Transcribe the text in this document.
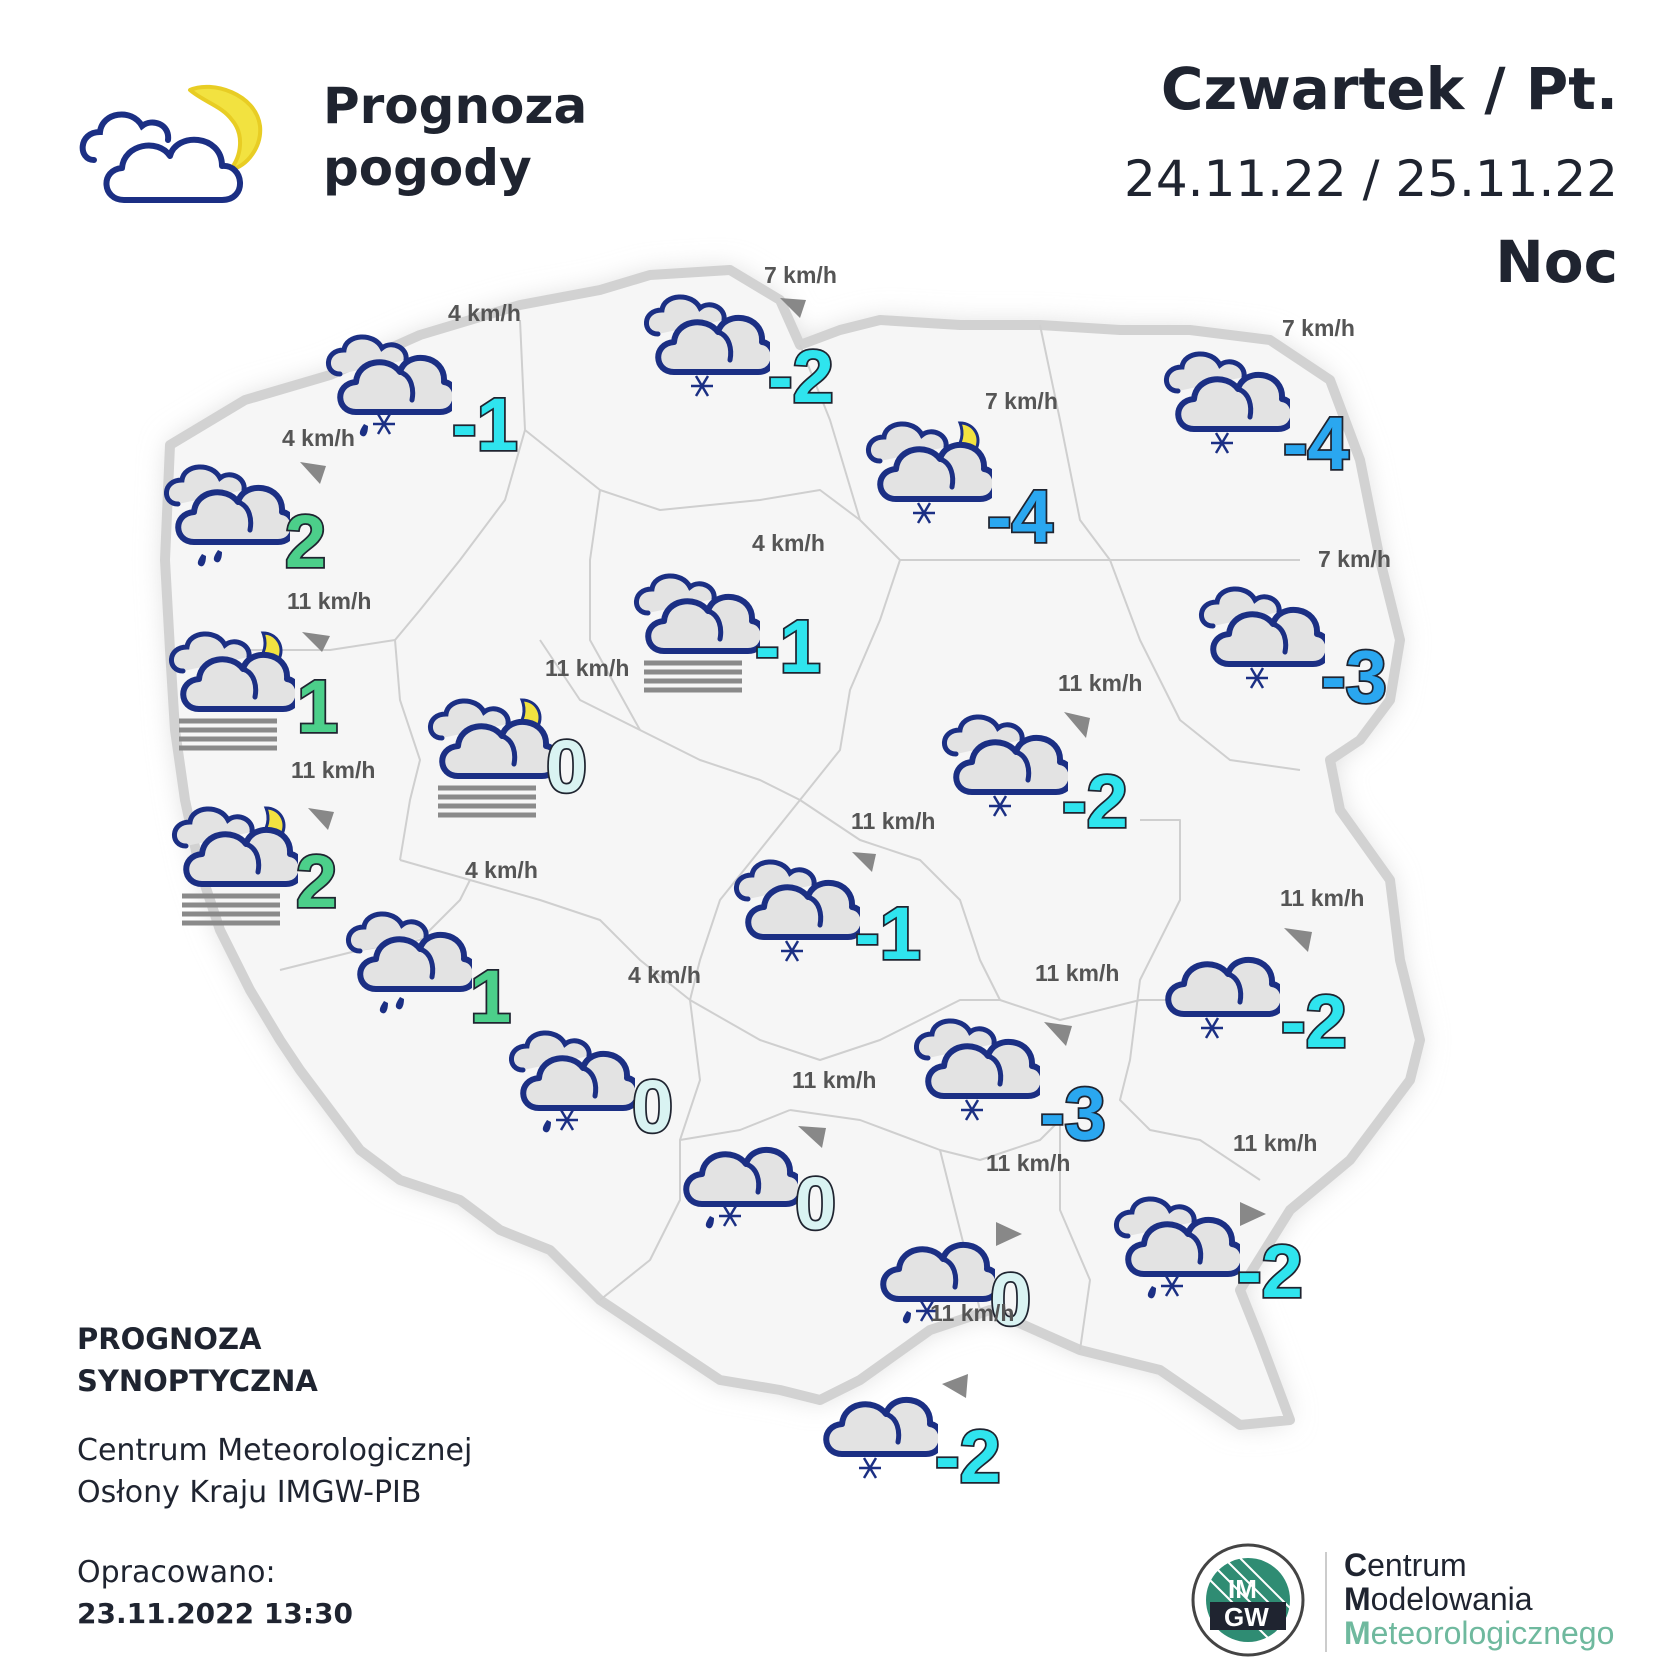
Prognoza
pogody
Czwartek / Pt.
24.11.22 / 25.11.22
Noc
-1
4 km/h
-2
7 km/h
-4
7 km/h
-4
7 km/h
2
4 km/h
-1
4 km/h
-3
7 km/h
1
11 km/h
0
11 km/h
-2
11 km/h
2
11 km/h
-1
11 km/h
1
4 km/h
-2
11 km/h
-3
11 km/h
0
4 km/h
0
11 km/h
0
11 km/h
-2
11 km/h
-2
11 km/h
PROGNOZA
SYNOPTYCZNA
Centrum Meteorologicznej
Osłony Kraju IMGW-PIB
Opracowano:
23.11.2022 13:30
IM
GW
Centrum
Modelowania
Meteorologicznego
